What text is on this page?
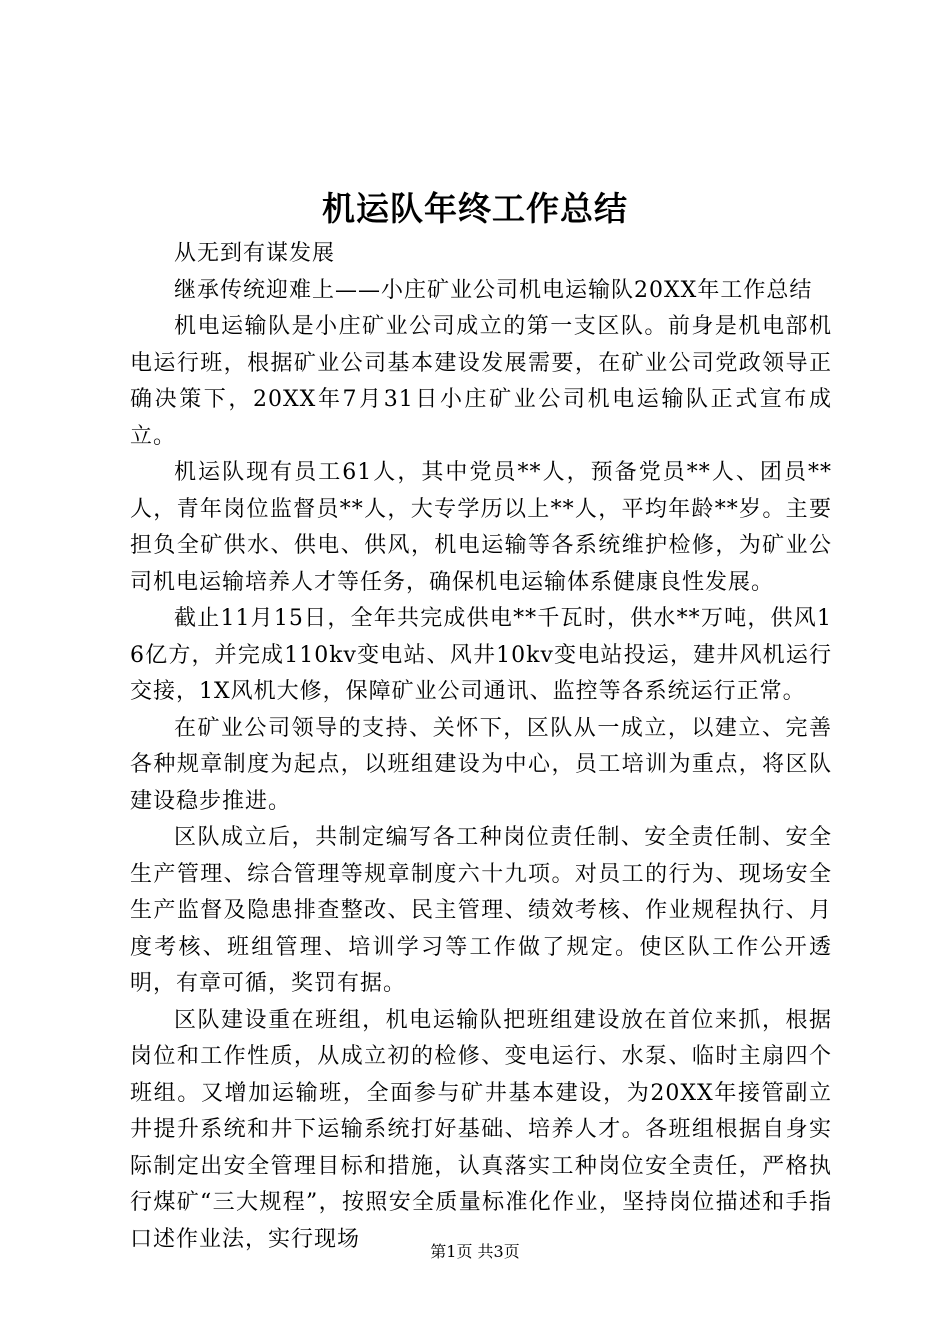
机运队年终工作总结

从无到有谋发展

继承传统迎难上——小庄矿业公司机电运输队20XX年工作总结

机电运输队是小庄矿业公司成立的第一支区队。前身是机电部机电运行班，根据矿业公司基本建设发展需要，在矿业公司党政领导正确决策下，20XX年7月31日小庄矿业公司机电运输队正式宣布成立。

机运队现有员工61人，其中党员**人，预备党员**人、团员**人，青年岗位监督员**人，大专学历以上**人，平均年龄**岁。主要担负全矿供水、供电、供风，机电运输等各系统维护检修，为矿业公司机电运输培养人才等任务，确保机电运输体系健康良性发展。

截止11月15日，全年共完成供电**千瓦时，供水**万吨，供风16亿方，并完成110kv变电站、风井10kv变电站投运，建井风机运行交接，1X风机大修，保障矿业公司通讯、监控等各系统运行正常。

在矿业公司领导的支持、关怀下，区队从一成立，以建立、完善各种规章制度为起点，以班组建设为中心，员工培训为重点，将区队建设稳步推进。

区队成立后，共制定编写各工种岗位责任制、安全责任制、安全生产管理、综合管理等规章制度六十九项。对员工的行为、现场安全生产监督及隐患排查整改、民主管理、绩效考核、作业规程执行、月度考核、班组管理、培训学习等工作做了规定。使区队工作公开透明，有章可循，奖罚有据。

区队建设重在班组，机电运输队把班组建设放在首位来抓，根据岗位和工作性质，从成立初的检修、变电运行、水泵、临时主扇四个班组。又增加运输班，全面参与矿井基本建设，为20XX年接管副立井提升系统和井下运输系统打好基础、培养人才。各班组根据自身实际制定出安全管理目标和措施，认真落实工种岗位安全责任，严格执行煤矿“三大规程”，按照安全质量标准化作业，坚持岗位描述和手指口述作业法，实行现场	第1页 共3页
